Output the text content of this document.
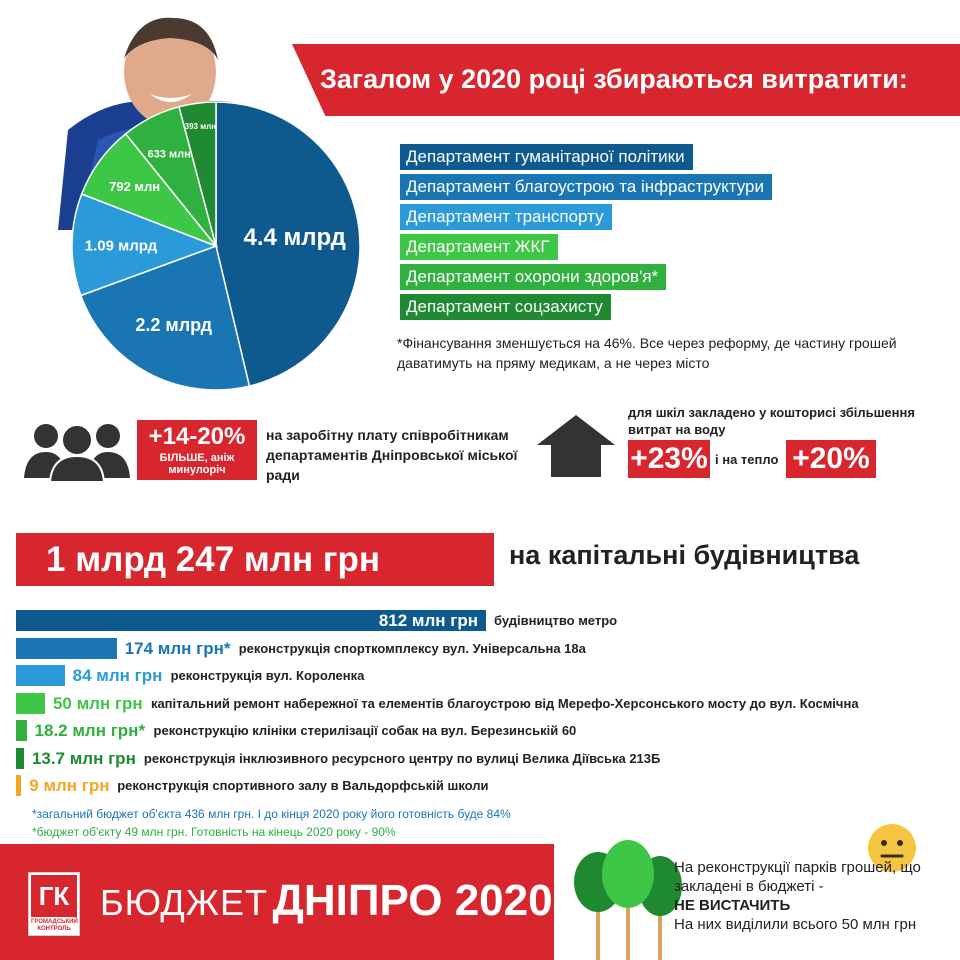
4.4 млрд
2.2 млрд
1.09 млрд
792 млн
633 млн
393 млн
Загалом у 2020 році збираються витратити:
Департамент гуманітарної політики
Департамент благоустрою та інфраструктури
Департамент транспорту
Департамент ЖКГ
Департамент охорони здоров'я*
Департамент соцзахисту
*Фінансування зменшується на 46%. Все через реформу, де частину грошей даватимуть на пряму медикам, а не через місто
+14-20%
БІЛЬШЕ, аніж минулоріч
на заробітну плату співробітникам департаментів Дніпровської міської ради
для шкіл закладено у кошторисі збільшення витрат на воду
+23% і на тепло +20%
1 млрд 247 млн грн	на капітальні будівництва
812 млн грн будівництво метро
174 млн грн* реконструкція спорткомплексу вул. Універсальна 18а
84 млн грн реконструкція вул. Короленка
50 млн грн капітальний ремонт набережної та елементів благоустрою від Мерефо-Херсонського мосту до вул. Космічна
18.2 млн грн* реконструкцію клініки стерилізації собак на вул. Березинській 60
13.7 млн грн реконструкція інклюзивного ресурсного центру по вулиці Велика Діївська 213Б
9 млн грн реконструкція спортивного залу в Вальдорфській школи
*загальний бюджет об'єкта 436 млн грн. І до кінця 2020 року його готовність буде 84%
*бюджет об'єкту 49 млн грн. Готовність на кінець 2020 року - 90%
ГК
ГРОМАДСЬКИЙ КОНТРОЛЬ
БЮДЖЕТ ДНІПРО 2020
На реконструкції парків грошей, що закладені в бюджеті -
НЕ ВИСТАЧИТЬ
На них виділили всього 50 млн грн
